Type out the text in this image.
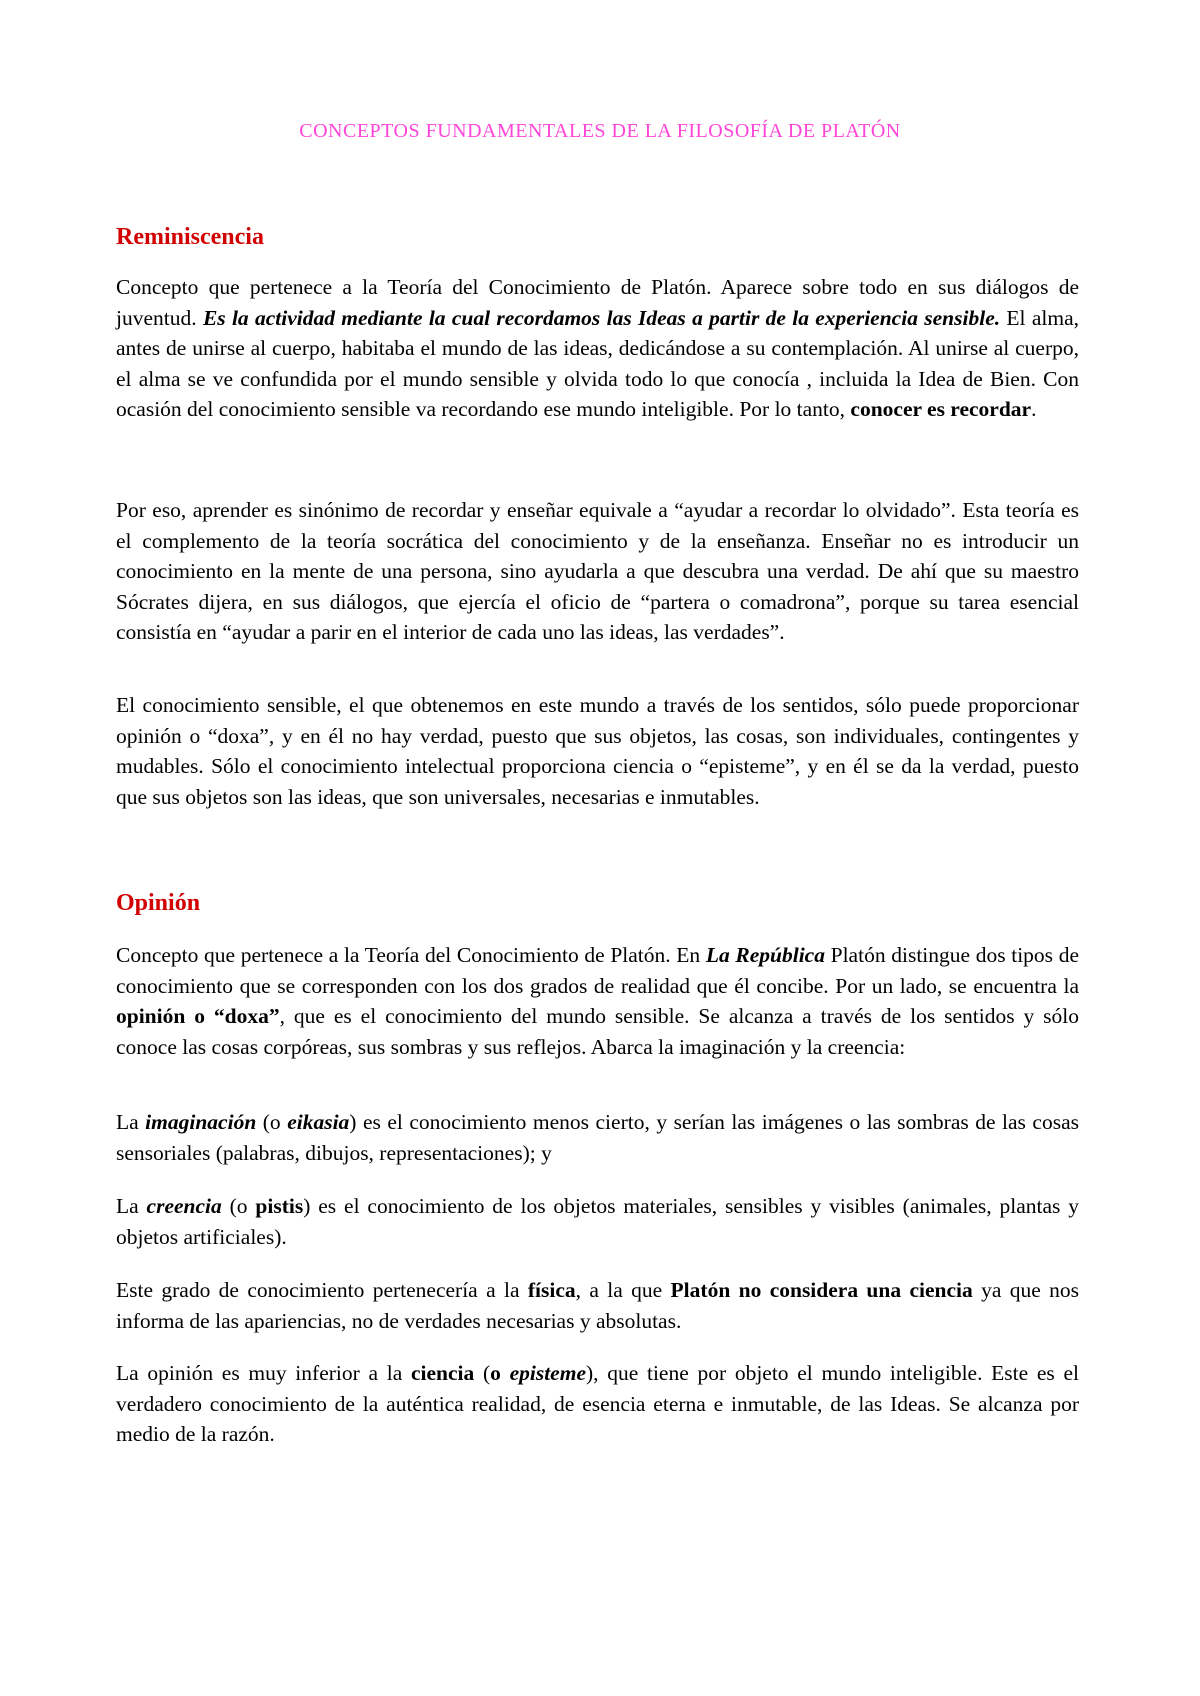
CONCEPTOS FUNDAMENTALES DE LA FILOSOFÍA DE PLATÓN
Reminiscencia

Concepto que pertenece a la Teoría del Conocimiento de Platón. Aparece sobre todo en sus diálogos de juventud. Es la actividad mediante la cual recordamos las Ideas a partir de la experiencia sensible. El alma, antes de unirse al cuerpo, habitaba el mundo de las ideas, dedicándose a su contemplación. Al unirse al cuerpo, el alma se ve confundida por el mundo sensible y olvida todo lo que conocía , incluida la Idea de Bien. Con ocasión del conocimiento sensible va recordando ese mundo inteligible. Por lo tanto, conocer es recordar.

Por eso, aprender es sinónimo de recordar y enseñar equivale a “ayudar a recordar lo olvidado”. Esta teoría es el complemento de la teoría socrática del conocimiento y de la enseñanza. Enseñar no es introducir un conocimiento en la mente de una persona, sino ayudarla a que descubra una verdad. De ahí que su maestro Sócrates dijera, en sus diálogos, que ejercía el oficio de “partera o comadrona”, porque su tarea esencial consistía en “ayudar a parir en el interior de cada uno las ideas, las verdades”.

El conocimiento sensible, el que obtenemos en este mundo a través de los sentidos, sólo puede proporcionar opinión o “doxa”, y en él no hay verdad, puesto que sus objetos, las cosas, son individuales, contingentes y mudables. Sólo el conocimiento intelectual proporciona ciencia o “episteme”, y en él se da la verdad, puesto que sus objetos son las ideas, que son universales, necesarias e inmutables.

Opinión

Concepto que pertenece a la Teoría del Conocimiento de Platón. En La República Platón distingue dos tipos de conocimiento que se corresponden con los dos grados de realidad que él concibe. Por un lado, se encuentra la opinión o “doxa”, que es el conocimiento del mundo sensible. Se alcanza a través de los sentidos y sólo conoce las cosas corpóreas, sus sombras y sus reflejos. Abarca la imaginación y la creencia:

La imaginación (o eikasia) es el conocimiento menos cierto, y serían las imágenes o las sombras de las cosas sensoriales (palabras, dibujos, representaciones); y

La creencia (o pistis) es el conocimiento de los objetos materiales, sensibles y visibles (animales, plantas y objetos artificiales).

Este grado de conocimiento pertenecería a la física, a la que Platón no considera una ciencia ya que nos informa de las apariencias, no de verdades necesarias y absolutas.

La opinión es muy inferior a la ciencia (o episteme), que tiene por objeto el mundo inteligible. Este es el verdadero conocimiento de la auténtica realidad, de esencia eterna e inmutable, de las Ideas. Se alcanza por medio de la razón.
